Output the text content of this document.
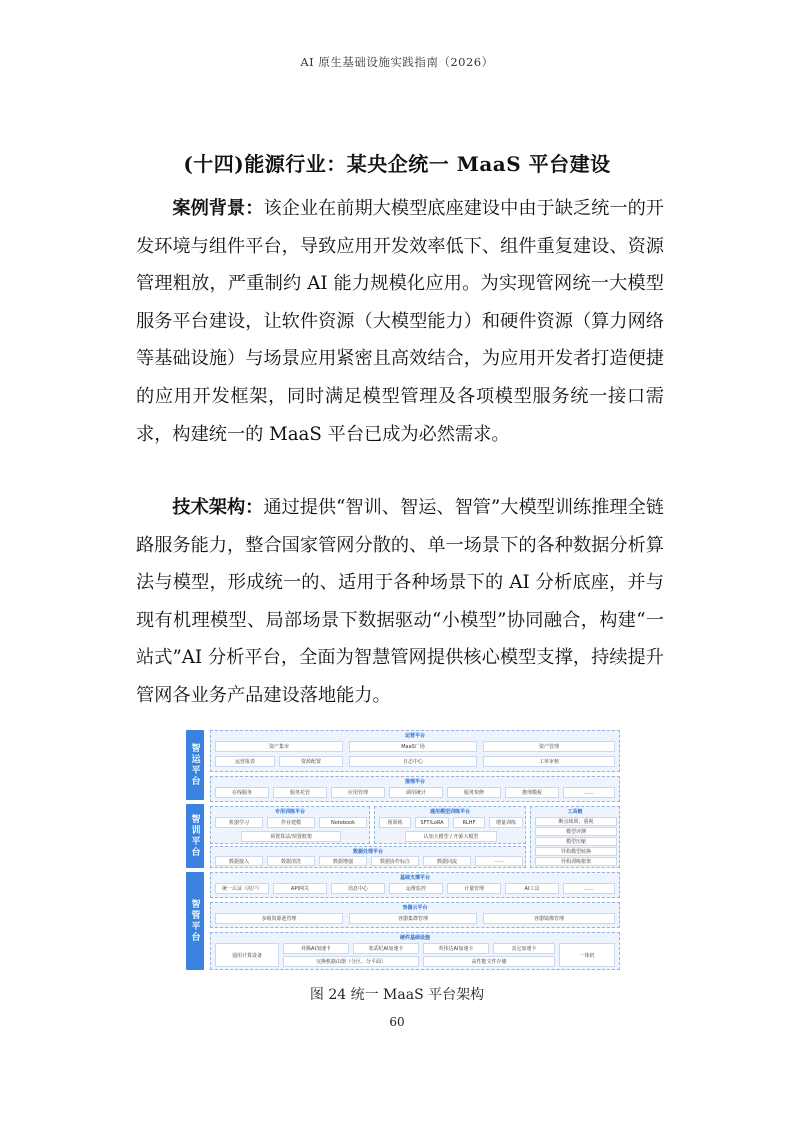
AI 原生基础设施实践指南（2026）
(十四)能源行业：某央企统一 MaaS 平台建设

案例背景：该企业在前期大模型底座建设中由于缺乏统一的开发环境与组件平台，导致应用开发效率低下、组件重复建设、资源管理粗放，严重制约 AI 能力规模化应用。为实现管网统一大模型服务平台建设，让软件资源（大模型能力）和硬件资源（算力网络等基础设施）与场景应用紧密且高效结合，为应用开发者打造便捷的应用开发框架，同时满足模型管理及各项模型服务统一接口需求，构建统一的 MaaS 平台已成为必然需求。

技术架构：通过提供“智训、智运、智管”大模型训练推理全链路服务能力，整合国家管网分散的、单一场景下的各种数据分析算法与模型，形成统一的、适用于各种场景下的 AI 分析底座，并与现有机理模型、局部场景下数据驱动“小模型”协同融合，构建“一站式”AI 分析平台，全面为智慧管网提供核心模型支撑，持续提升管网各业务产品建设落地能力。

智运平台
智训平台
智管平台
运营平台
资产集市	MaaS广场	资产管理
运营报表	资源配置	日志中心	工单审核
推理平台
在线服务	服务托管	应用管理	调用统计	服务快修	推理模板	......
专用训练平台
机器学习	作业建模	Notebook
预置算法/预置框架
通用模型训练平台
预训练	SFT/LoRA	RLHF	增量训练
认知大模型 / 开源大模型
工具链
断点续训、重视
模型评测
模型压缩
异构模型转换
异构训练框架
数据处理平台
数据接入	数据清洗	数据增强	数据协作标注	数据回流	......
基础支撑平台
统一认证（用户）	API网关	消息中心	运维监控	计量管理	AI工具	......
容器云平台
多级资源池管理	容器集群管理	容器镜像管理
硬件基础设施
通用计算设备
昇腾AI加速卡	寒武纪AI加速卡	英伟达AI加速卡	其它加速卡
一体机
交换机路由器（分区、分平面）	高性能文件存储
图 24 统一 MaaS 平台架构
60
